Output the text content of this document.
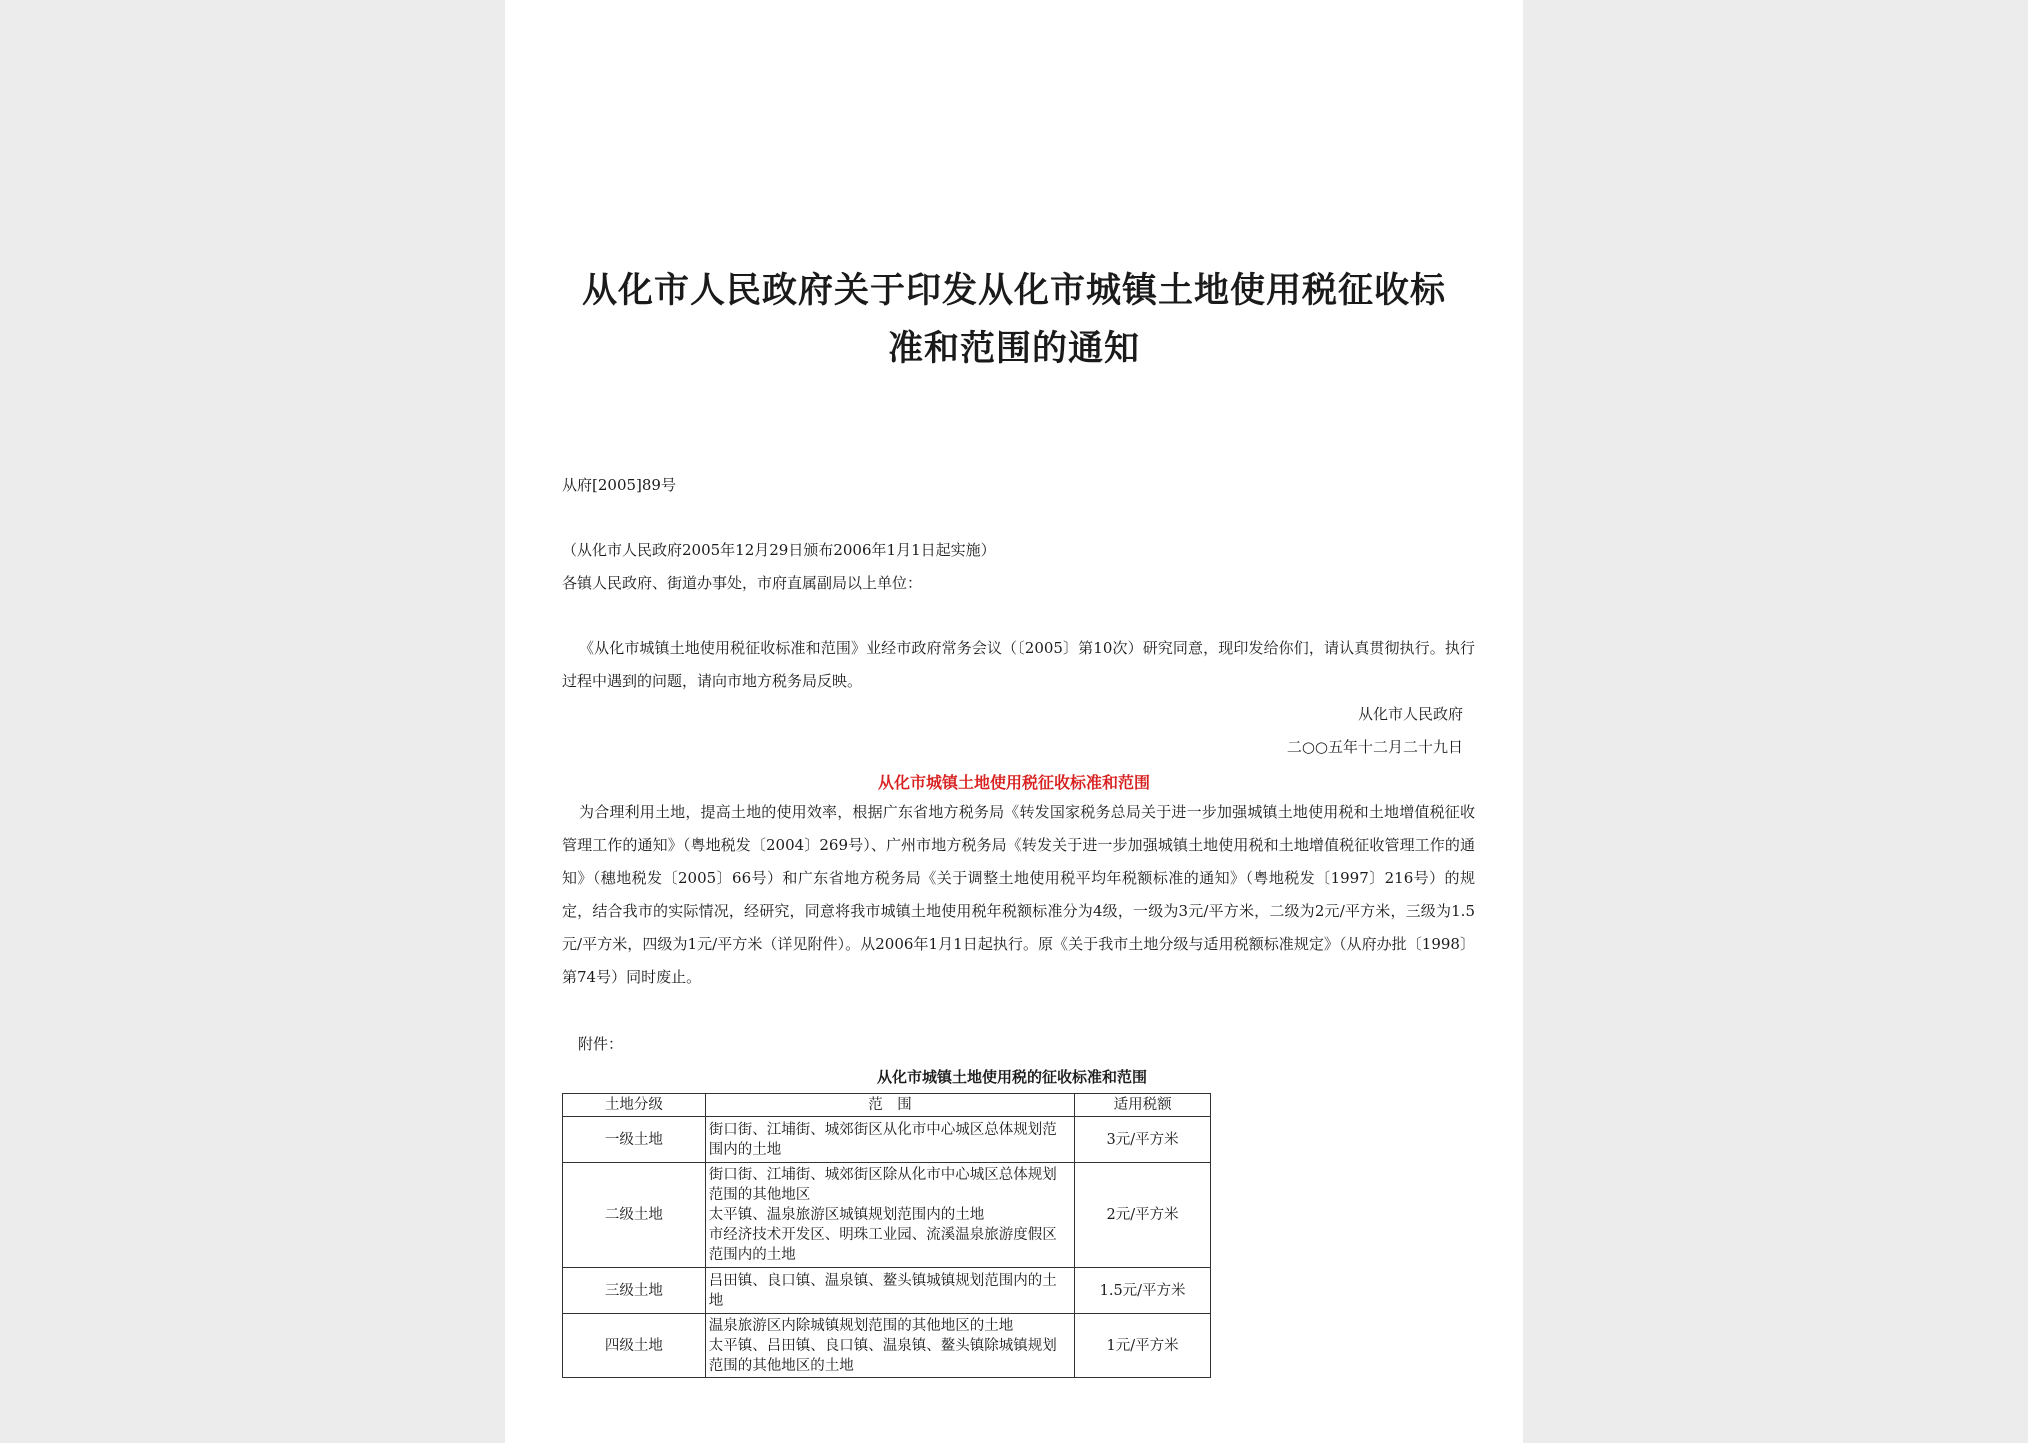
从化市人民政府关于印发从化市城镇土地使用税征收标
准和范围的通知
从府[2005]89号
（从化市人民政府2005年12月29日颁布2006年1月1日起实施）
各镇人民政府、街道办事处，市府直属副局以上单位：

《从化市城镇土地使用税征收标准和范围》业经市政府常务会议（〔2005〕第10次）研究同意，现印发给你们，请认真贯彻执行。执行过程中遇到的问题，请向市地方税务局反映。

从化市人民政府
二○○五年十二月二十九日
从化市城镇土地使用税征收标准和范围

为合理利用土地，提高土地的使用效率，根据广东省地方税务局《转发国家税务总局关于进一步加强城镇土地使用税和土地增值税征收管理工作的通知》（粤地税发〔2004〕269号）、广州市地方税务局《转发关于进一步加强城镇土地使用税和土地增值税征收管理工作的通知》（穗地税发〔2005〕66号）和广东省地方税务局《关于调整土地使用税平均年税额标准的通知》（粤地税发〔1997〕216号）的规定，结合我市的实际情况，经研究，同意将我市城镇土地使用税年税额标准分为4级，一级为3元/平方米，二级为2元/平方米，三级为1.5元/平方米，四级为1元/平方米（详见附件）。从2006年1月1日起执行。原《关于我市土地分级与适用税额标准规定》（从府办批〔1998〕第74号）同时废止。

附件：
从化市城镇土地使用税的征收标准和范围
土地分级	范　围	适用税额
一级土地	街口街、江埔街、城郊街区从化市中心城区总体规划范围内的土地	3元/平方米
二级土地	街口街、江埔街、城郊街区除从化市中心城区总体规划范围的其他地区
太平镇、温泉旅游区城镇规划范围内的土地
市经济技术开发区、明珠工业园、流溪温泉旅游度假区范围内的土地	2元/平方米
三级土地	吕田镇、良口镇、温泉镇、鳌头镇城镇规划范围内的土地	1.5元/平方米
四级土地	温泉旅游区内除城镇规划范围的其他地区的土地
太平镇、吕田镇、良口镇、温泉镇、鳌头镇除城镇规划范围的其他地区的土地	1元/平方米
